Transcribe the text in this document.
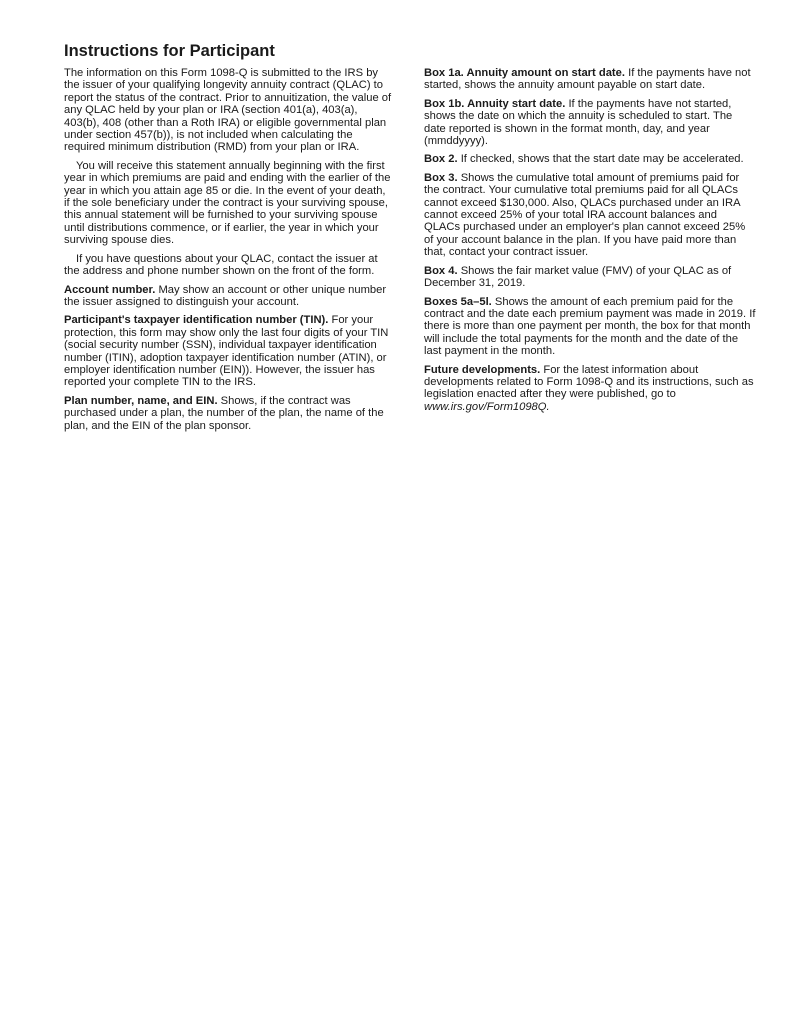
Instructions for Participant

The information on this Form 1098-Q is submitted to the IRS by the issuer of your qualifying longevity annuity contract (QLAC) to report the status of the contract. Prior to annuitization, the value of any QLAC held by your plan or IRA (section 401(a), 403(a), 403(b), 408 (other than a Roth IRA) or eligible governmental plan under section 457(b)), is not included when calculating the required minimum distribution (RMD) from your plan or IRA.

You will receive this statement annually beginning with the first year in which premiums are paid and ending with the earlier of the year in which you attain age 85 or die. In the event of your death, if the sole beneficiary under the contract is your surviving spouse, this annual statement will be furnished to your surviving spouse until distributions commence, or if earlier, the year in which your surviving spouse dies.

If you have questions about your QLAC, contact the issuer at the address and phone number shown on the front of the form.

Account number. May show an account or other unique number the issuer assigned to distinguish your account.

Participant's taxpayer identification number (TIN). For your protection, this form may show only the last four digits of your TIN (social security number (SSN), individual taxpayer identification number (ITIN), adoption taxpayer identification number (ATIN), or employer identification number (EIN)). However, the issuer has reported your complete TIN to the IRS.

Plan number, name, and EIN. Shows, if the contract was purchased under a plan, the number of the plan, the name of the plan, and the EIN of the plan sponsor.

Box 1a. Annuity amount on start date. If the payments have not started, shows the annuity amount payable on start date.

Box 1b. Annuity start date. If the payments have not started, shows the date on which the annuity is scheduled to start. The date reported is shown in the format month, day, and year (mmddyyyy).

Box 2. If checked, shows that the start date may be accelerated.

Box 3. Shows the cumulative total amount of premiums paid for the contract. Your cumulative total premiums paid for all QLACs cannot exceed $130,000. Also, QLACs purchased under an IRA cannot exceed 25% of your total IRA account balances and QLACs purchased under an employer's plan cannot exceed 25% of your account balance in the plan. If you have paid more than that, contact your contract issuer.

Box 4. Shows the fair market value (FMV) of your QLAC as of December 31, 2019.

Boxes 5a–5l. Shows the amount of each premium paid for the contract and the date each premium payment was made in 2019. If there is more than one payment per month, the box for that month will include the total payments for the month and the date of the last payment in the month.

Future developments. For the latest information about developments related to Form 1098-Q and its instructions, such as legislation enacted after they were published, go to www.irs.gov/Form1098Q.
